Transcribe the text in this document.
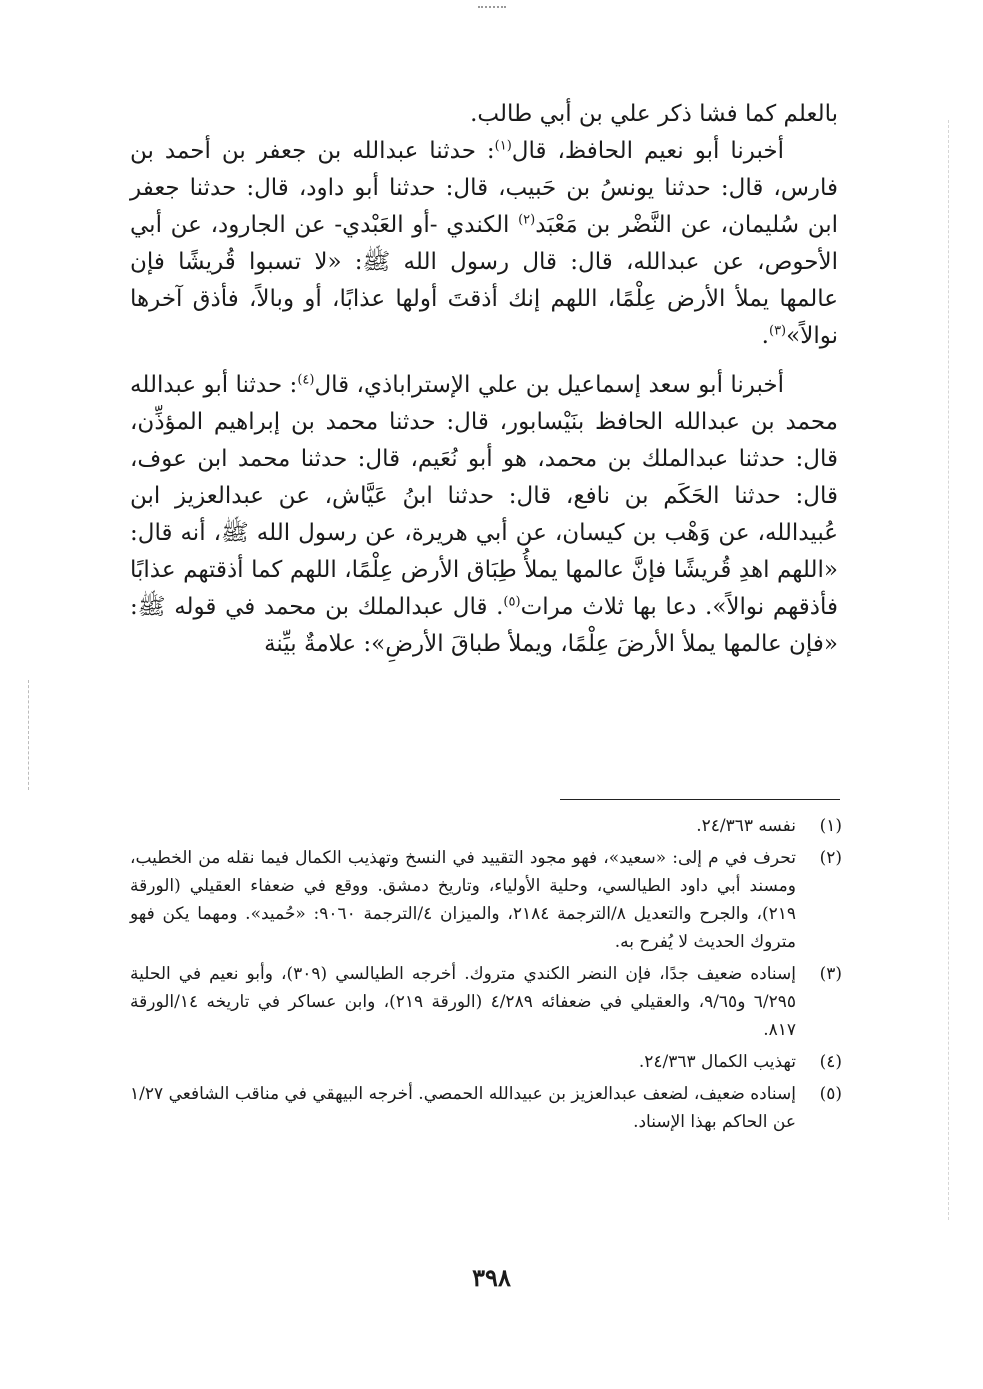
بالعلم كما فشا ذكر علي بن أبي طالب.

أخبرنا أبو نعيم الحافظ، قال$^{(١)}$: حدثنا عبدالله بن جعفر بن أحمد بن فارس، قال: حدثنا يونسُ بن حَبيب، قال: حدثنا أبو داود، قال: حدثنا جعفر ابن سُليمان، عن النَّضْر بن مَعْبَد$^{(٢)}$ الكندي -أو العَبْدي- عن الجارود، عن أبي الأحوص، عن عبدالله، قال: قال رسول الله ﷺ: «لا تسبوا قُريشًا فإن عالمها يملأ الأرض عِلْمًا، اللهم إنك أذقتَ أولها عذابًا، أو وبالاً، فأذق آخرها نوالاً»$^{(٣)}$.

أخبرنا أبو سعد إسماعيل بن علي الإستراباذي، قال$^{(٤)}$: حدثنا أبو عبدالله محمد بن عبدالله الحافظ بنَيْسابور، قال: حدثنا محمد بن إبراهيم المؤذِّن، قال: حدثنا عبدالملك بن محمد، هو أبو نُعَيم، قال: حدثنا محمد ابن عوف، قال: حدثنا الحَكَم بن نافع، قال: حدثنا ابنُ عَيَّاش، عن عبدالعزيز ابن عُبيدالله، عن وَهْب بن كيسان، عن أبي هريرة، عن رسول الله ﷺ، أنه قال: «اللهم اهدِ قُريشًا فإنَّ عالمها يملأُ طِبَاق الأرض عِلْمًا، اللهم كما أذقتهم عذابًا فأذقهم نوالاً». دعا بها ثلاث مرات$^{(٥)}$. قال عبدالملك بن محمد في قوله ﷺ: «فإن عالمها يملأ الأرضَ عِلْمًا، ويملأ طباقَ الأرضِ»: علامةٌ بيِّنة

(١)
نفسه ٢٤/٣٦٣.
(٢)
تحرف في م إلى: «سعيد»، فهو مجود التقييد في النسخ وتهذيب الكمال فيما نقله من الخطيب، ومسند أبي داود الطيالسي، وحلية الأولياء، وتاريخ دمشق. ووقع في ضعفاء العقيلي (الورقة ٢١٩)، والجرح والتعديل ٨/الترجمة ٢١٨٤، والميزان ٤/الترجمة ٩٠٦٠: «حُميد». ومهما يكن فهو متروك الحديث لا يُفرح به.
(٣)
إسناده ضعيف جدًا، فإن النضر الكندي متروك. أخرجه الطيالسي (٣٠٩)، وأبو نعيم في الحلية ٦/٢٩٥ و٩/٦٥، والعقيلي في ضعفائه ٤/٢٨٩ (الورقة ٢١٩)، وابن عساكر في تاريخه ١٤/الورقة ٨١٧.
(٤)
تهذيب الكمال ٢٤/٣٦٣.
(٥)
إسناده ضعيف، لضعف عبدالعزيز بن عبيدالله الحمصي. أخرجه البيهقي في مناقب الشافعي ١/٢٧ عن الحاكم بهذا الإسناد.
٣٩٨
